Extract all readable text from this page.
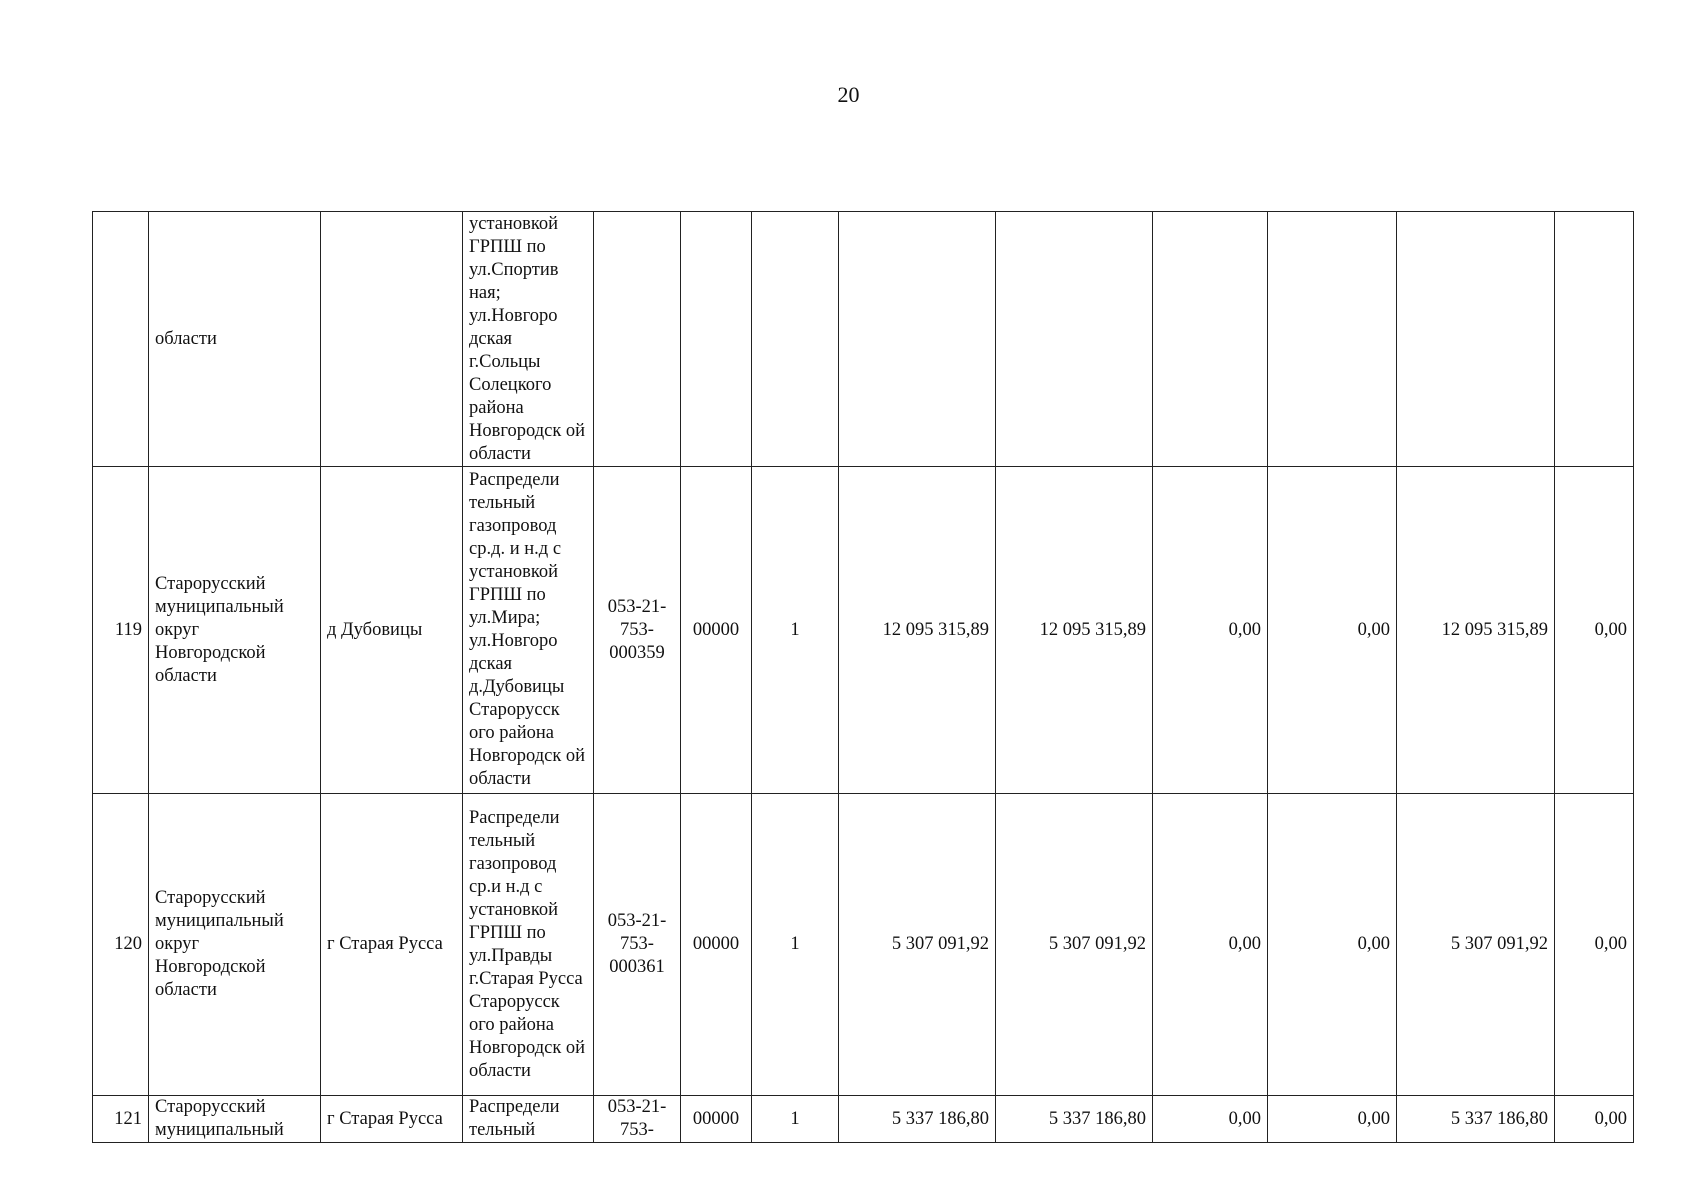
20
	области		установкой ГРПШ по ул.Спортив ная; ул.Новгоро дская г.Сольцы Солецкого района Новгородск ой области									
119	Старорусский муниципальный округ Новгородской области	д Дубовицы	Распредели тельный газопровод ср.д. и н.д с установкой ГРПШ по ул.Мира; ул.Новгоро дская д.Дубовицы Старорусск ого района Новгородск ой области	053-21-753-000359	00000	1	12 095 315,89	12 095 315,89	0,00	0,00	12 095 315,89	0,00
120	Старорусский муниципальный округ Новгородской области	г Старая Русса	Распредели тельный газопровод ср.и н.д с установкой ГРПШ по ул.Правды г.Старая Русса Старорусск ого района Новгородск ой области	053-21-753-000361	00000	1	5 307 091,92	5 307 091,92	0,00	0,00	5 307 091,92	0,00
121	Старорусский муниципальный	г Старая Русса	Распредели тельный	053-21-753-	00000	1	5 337 186,80	5 337 186,80	0,00	0,00	5 337 186,80	0,00
